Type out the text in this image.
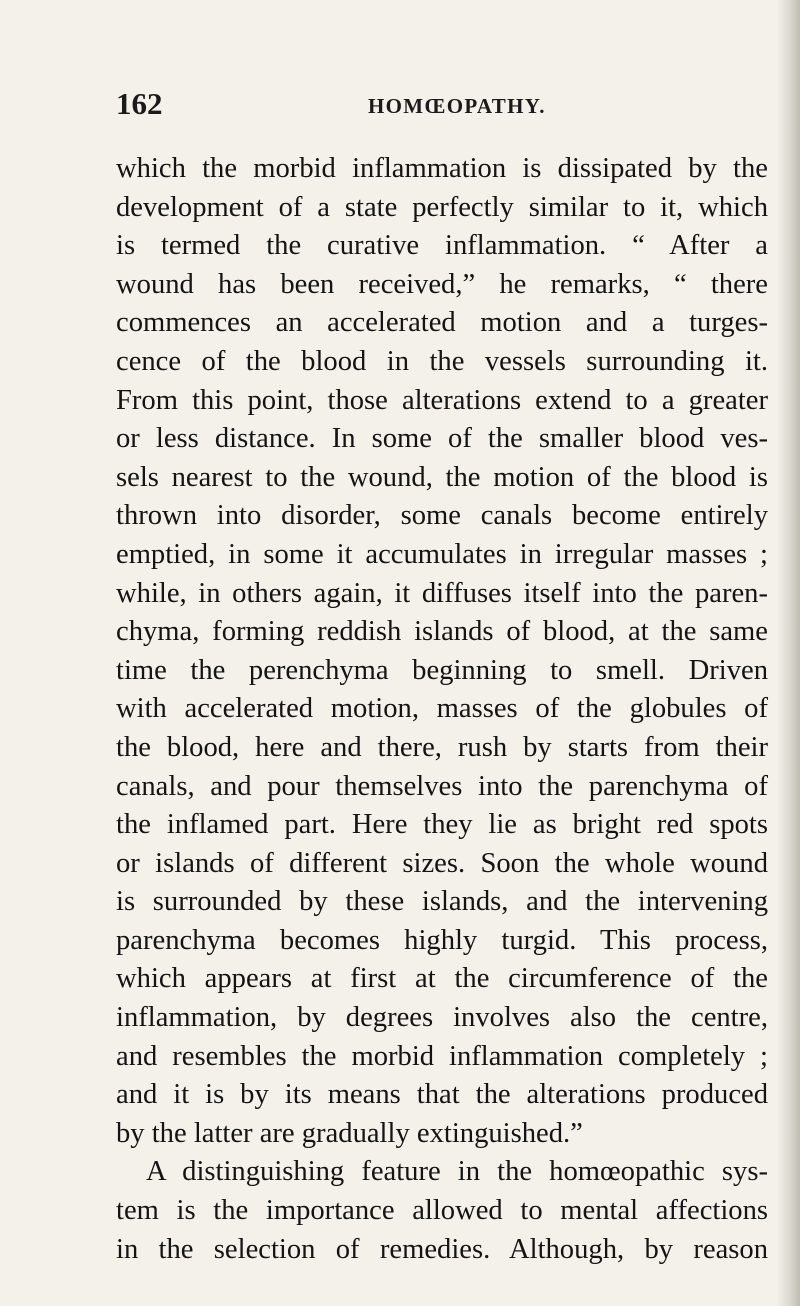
162	HOMŒOPATHY.
which the morbid inflammation is dissipated by the
development of a state perfectly similar to it, which
is termed the curative inflammation. “ After a
wound has been received,” he remarks, “ there
commences an accelerated motion and a turges-
cence of the blood in the vessels surrounding it.
From this point, those alterations extend to a greater
or less distance. In some of the smaller blood ves-
sels nearest to the wound, the motion of the blood is
thrown into disorder, some canals become entirely
emptied, in some it accumulates in irregular masses ;
while, in others again, it diffuses itself into the paren-
chyma, forming reddish islands of blood, at the same
time the perenchyma beginning to smell. Driven
with accelerated motion, masses of the globules of
the blood, here and there, rush by starts from their
canals, and pour themselves into the parenchyma of
the inflamed part. Here they lie as bright red spots
or islands of different sizes. Soon the whole wound
is surrounded by these islands, and the intervening
parenchyma becomes highly turgid. This process,
which appears at first at the circumference of the
inflammation, by degrees involves also the centre,
and resembles the morbid inflammation completely ;
and it is by its means that the alterations produced
by the latter are gradually extinguished.”
A distinguishing feature in the homœopathic sys-
tem is the importance allowed to mental affections
in the selection of remedies. Although, by reason
